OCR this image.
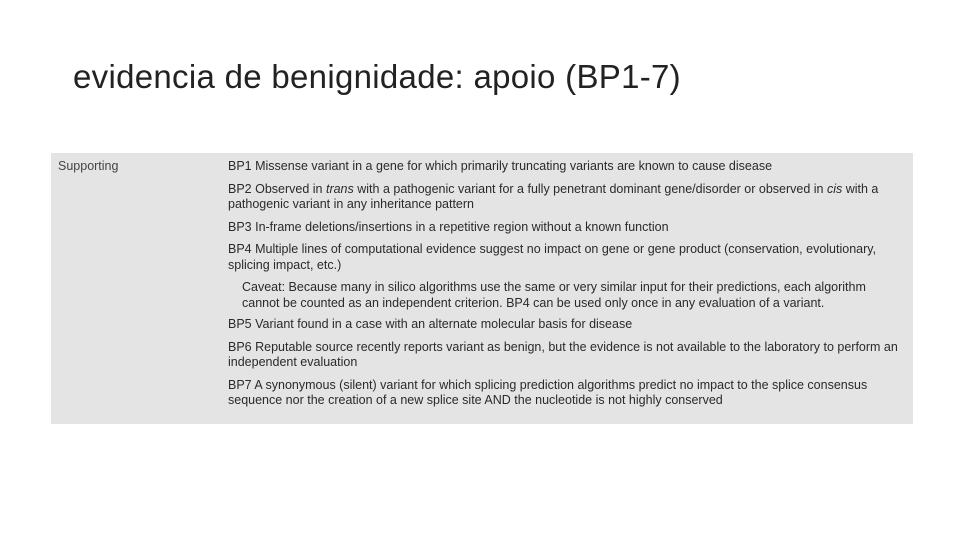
evidencia de benignidade: apoio (BP1-7)
Supporting	BP1 Missense variant in a gene for which primarily truncating variants are known to cause disease
BP2 Observed in trans with a pathogenic variant for a fully penetrant dominant gene/disorder or observed in cis with a pathogenic variant in any inheritance pattern
BP3 In-frame deletions/insertions in a repetitive region without a known function
BP4 Multiple lines of computational evidence suggest no impact on gene or gene product (conservation, evolutionary, splicing impact, etc.)
Caveat: Because many in silico algorithms use the same or very similar input for their predictions, each algorithm cannot be counted as an independent criterion. BP4 can be used only once in any evaluation of a variant.
BP5 Variant found in a case with an alternate molecular basis for disease
BP6 Reputable source recently reports variant as benign, but the evidence is not available to the laboratory to perform an independent evaluation
BP7 A synonymous (silent) variant for which splicing prediction algorithms predict no impact to the splice consensus sequence nor the creation of a new splice site AND the nucleotide is not highly conserved
